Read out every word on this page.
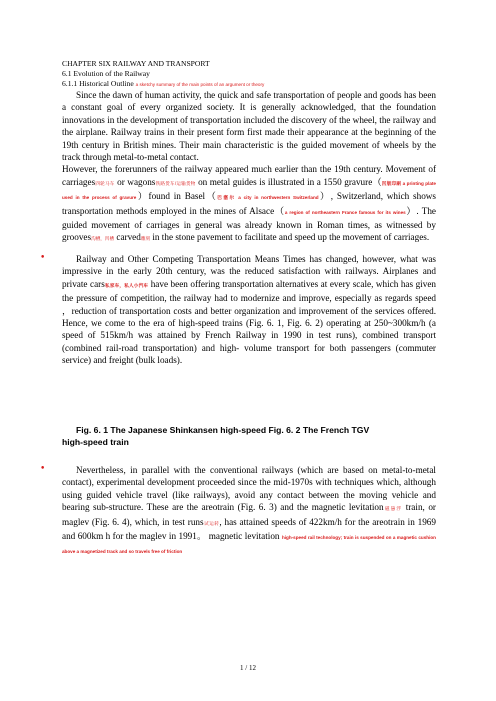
CHAPTER SIX RAILWAY AND TRANSPORT
6.1 Evolution of the Railway
6.1.1 Historical Outline a sketchy summary of the main points of an argument or theory

Since the dawn of human activity, the quick and safe transportation of people and goods has been a constant goal of every organized society. It is generally acknowledged, that the foundation innovations in the development of transportation included the discovery of the wheel, the railway and the airplane. Railway trains in their present form first made their appearance at the beginning of the 19th century in British mines. Their main characteristic is the guided movement of wheels by the track through metal-to-metal contact.

However, the forerunners of the railway appeared much earlier than the 19th century. Movement of carriages四轮马车 or wagons铁路货车/运输货物 on metal guides is illustrated in a 1550 gravure（凹版印刷 a printing plate used in the process of gravure）found in Basel（巴塞尔 a city in northwestern Switzerland）, Switzerland, which shows transportation methods employed in the mines of Alsace（a region of northeastern France famous for its wines）. The guided movement of carriages in general was already known in Roman times, as witnessed by grooves沟槽，凹槽 carved雕刻 in the stone pavement to facilitate and speed up the movement of carriages.

•	Railway and Other Competing Transportation Means Times has changed, however, what was impressive in the early 20th century, was the reduced satisfaction with railways. Airplanes and private cars私家车，私人小汽车 have been offering transportation alternatives at every scale, which has given the pressure of competition, the railway had to modernize and improve, especially as regards speed ，reduction of transportation costs and better organization and improvement of the services offered. Hence, we come to the era of high-speed trains (Fig. 6. 1, Fig. 6. 2) operating at 250~300km/h (a speed of 515km/h was attained by French Railway in 1990 in test runs), combined transport (combined rail-road transportation) and high- volume transport for both passengers (commuter service) and freight (bulk loads).

Fig. 6. 1 The Japanese Shinkansen high-speed Fig. 6. 2 The French TGV
high-speed train
•	Nevertheless, in parallel with the conventional railways (which are based on metal-to-metal contact), experimental development proceeded since the mid-1970s with techniques which, although using guided vehicle travel (like railways), avoid any contact between the moving vehicle and bearing sub-structure. These are the areotrain (Fig. 6. 3) and the magnetic levitation磁悬浮 train, or maglev (Fig. 6. 4), which, in test runs试运转, has attained speeds of 422km/h for the areotrain in 1969 and 600km h for the maglev in 1991。 magnetic levitation high-speed rail technology; train is suspended on a magnetic cushion above a magnetized track and so travels free of friction

1 / 12
